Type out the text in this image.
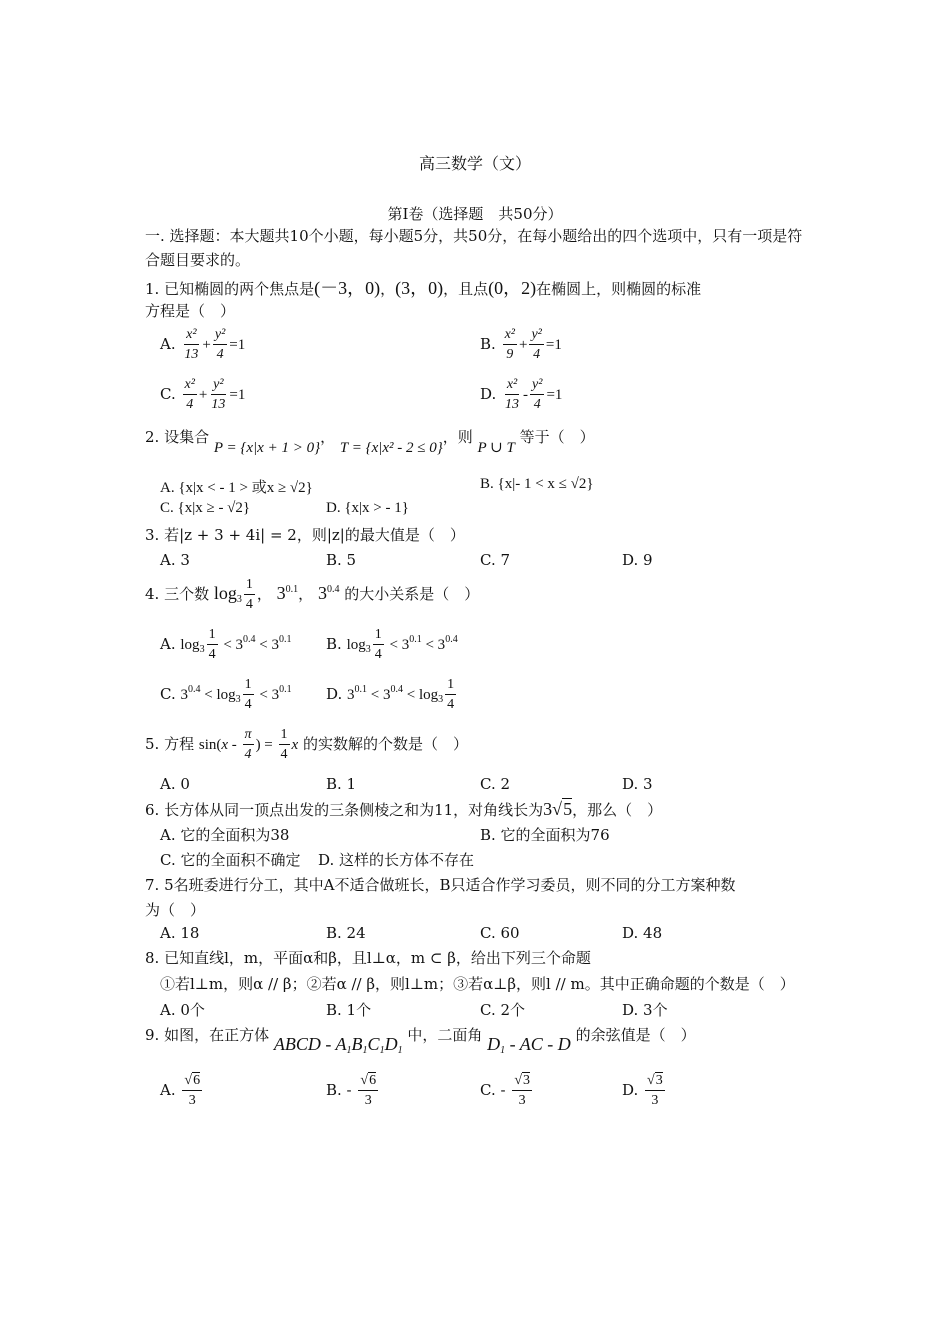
高三数学（文）
第Ⅰ卷（选择题　共50分）
一. 选择题：本大题共10个小题，每小题5分，共50分，在每小题给出的四个选项中，只有一项是符合题目要求的。
1. 已知椭圆的两个焦点是(－3，0)，(3，0)，且点(0，2)在椭圆上，则椭圆的标准
方程是（　）
A. $\frac{\text{x²}}{13} + \frac{\text{y²}}{4} =1$	B. $\frac{\text{x²}}{9} + \frac{\text{y²}}{4} =1$
C. $\frac{\text{x²}}{4} + \frac{\text{y²}}{13} =1$	D. $\frac{\text{x²}}{13} - \frac{\text{y²}}{4} =1$
2. 设集合 P = {x|x + 1 > 0}， T = {x|x² - 2 ≤ 0}，则 P ∪ T 等于（　）
A. {x|x < - 1 > 或x ≥ √2}	B. {x|- 1 < x ≤ √2}
C. {x|x ≥ - √2}	D. {x|x > - 1}
3. 若|z + 3 + 4i| = 2，则|z|的最大值是（　）
A. 3	B. 5	C. 7	D. 9
4. 三个数 $\log_3 \frac{1}{4}$ ， $3^{0.1}$， $3^{0.4}$ 的大小关系是（　）
A. $\log_3 \frac{1}{4} < 3^{0.4} < 3^{0.1}$ B. $\log_3 \frac{1}{4} < 3^{0.1} < 3^{0.4}$
C. $3^{0.4} < \log_3 \frac{1}{4} < 3^{0.1}$ D. $3^{0.1} < 3^{0.4} < \log_3 \frac{1}{4}$
5. 方程 $\sin(x - \frac{\pi}{4}$ ) = $\frac{1}{4}$ x 的实数解的个数是（　）
A. 0	B. 1	C. 2	D. 3
6. 长方体从同一顶点出发的三条侧棱之和为11，对角线长为3√5，那么（　）
A. 它的全面积为38	B. 它的全面积为76
C. 它的全面积不确定 D. 这样的长方体不存在
7. 5名班委进行分工，其中A不适合做班长，B只适合作学习委员，则不同的分工方案种数
为（　）
A. 18	B. 24	C. 60	D. 48
8. 已知直线l，m，平面α和β，且l⊥α，m ⊂ β，给出下列三个命题
①若l⊥m，则α // β；②若α // β，则l⊥m；③若α⊥β，则l // m。其中正确命题的个数是（　）
A. 0个	B. 1个	C. 2个	D. 3个
9. 如图，在正方体 ABCD - $A_1B_1C_1D_1$ 中，二面角 $D_1$ - AC - D 的余弦值是（　）
A. $\frac{√6}{3}$	B. - $\frac{√6}{3}$	C. - $\frac{√3}{3}$	D. $\frac{√3}{3}$
